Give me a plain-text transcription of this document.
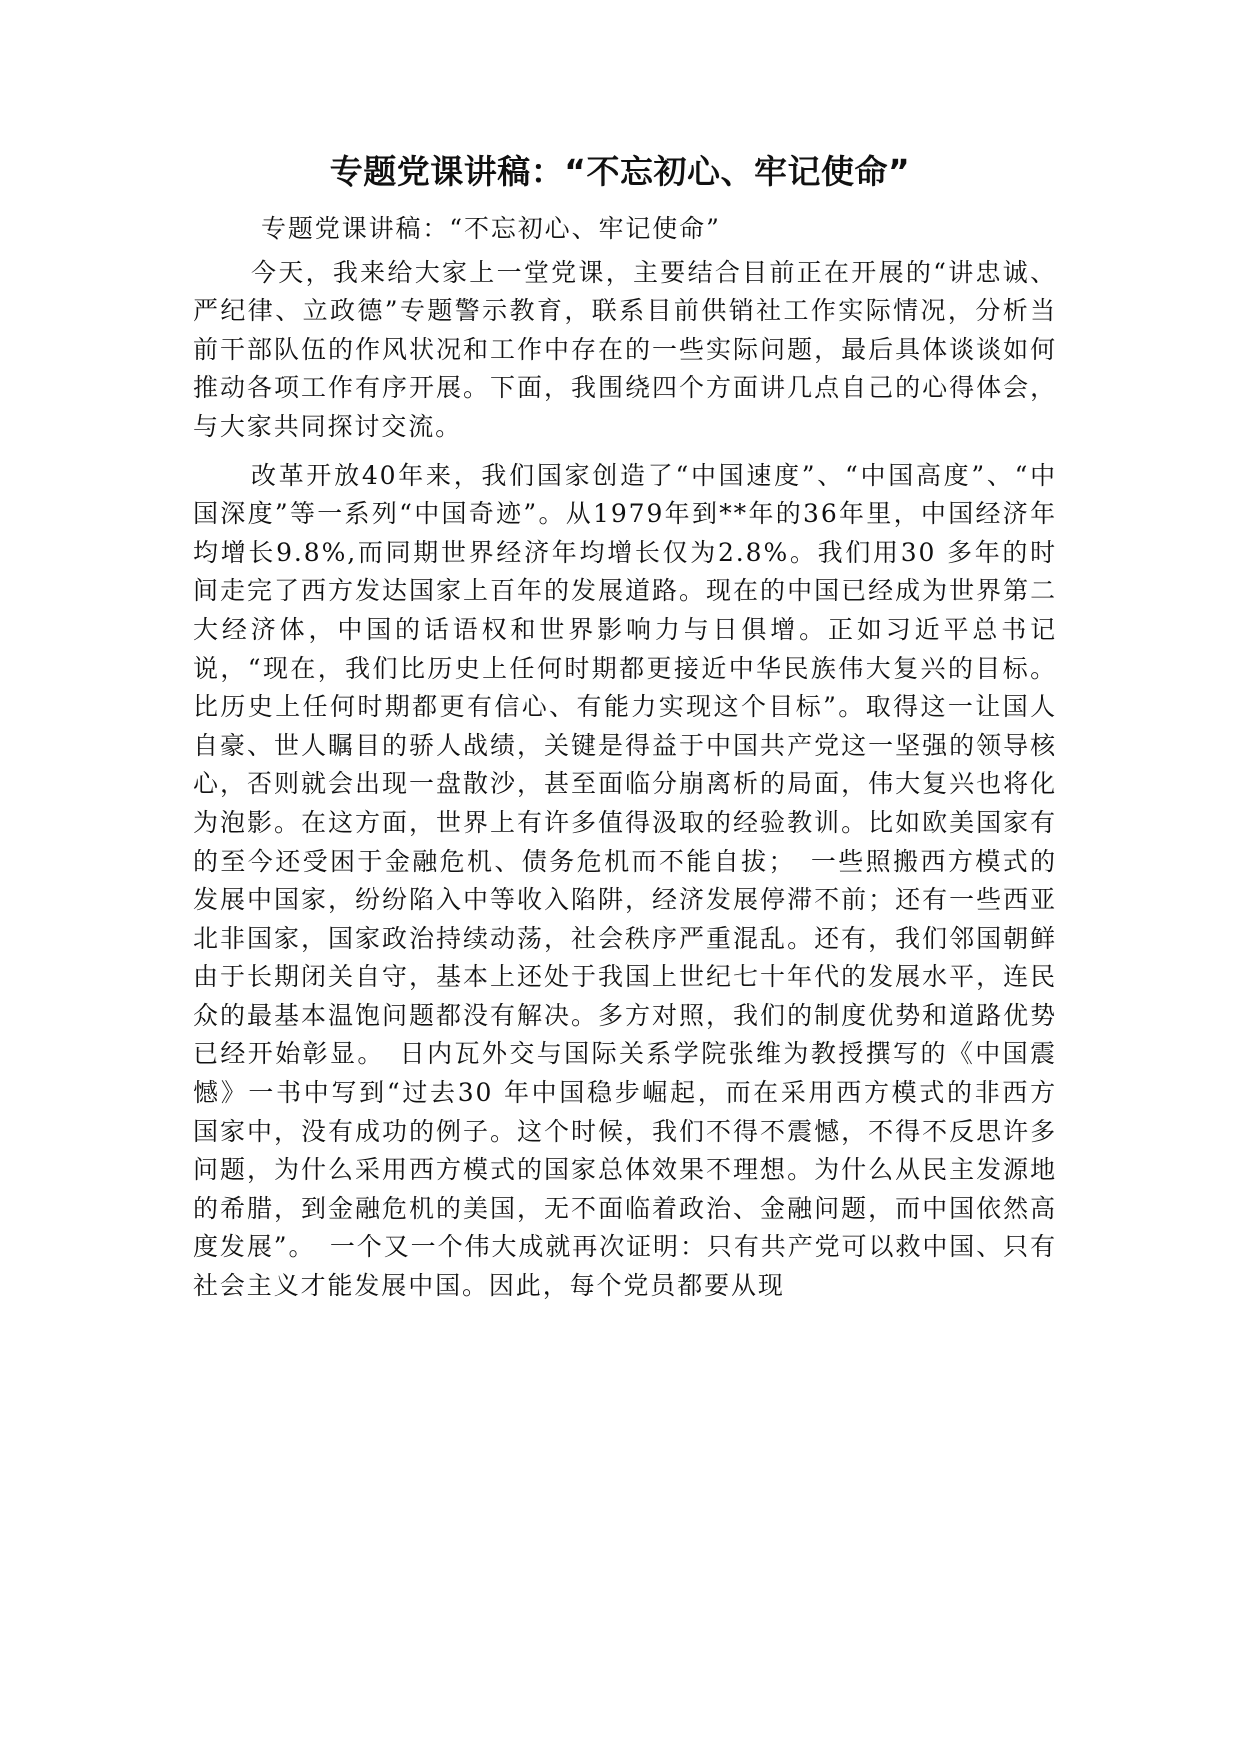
专题党课讲稿：“不忘初心、牢记使命”

专题党课讲稿：“不忘初心、牢记使命”

今天，我来给大家上一堂党课，主要结合目前正在开展的“讲忠诚、严纪律、立政德”专题警示教育，联系目前供销社工作实际情况，分析当前干部队伍的作风状况和工作中存在的一些实际问题，最后具体谈谈如何推动各项工作有序开展。下面，我围绕四个方面讲几点自己的心得体会，与大家共同探讨交流。

改革开放40年来，我们国家创造了“中国速度”、“中国高度”、“中国深度”等一系列“中国奇迹”。从1979年到**年的36年里，中国经济年均增长9.8%,而同期世界经济年均增长仅为2.8%。我们用30 多年的时间走完了西方发达国家上百年的发展道路。现在的中国已经成为世界第二大经济体，中国的话语权和世界影响力与日俱增。正如习近平总书记说，“现在，我们比历史上任何时期都更接近中华民族伟大复兴的目标。比历史上任何时期都更有信心、有能力实现这个目标”。取得这一让国人自豪、世人瞩目的骄人战绩，关键是得益于中国共产党这一坚强的领导核心，否则就会出现一盘散沙，甚至面临分崩离析的局面，伟大复兴也将化为泡影。在这方面，世界上有许多值得汲取的经验教训。比如欧美国家有的至今还受困于金融危机、债务危机而不能自拔；　一些照搬西方模式的发展中国家，纷纷陷入中等收入陷阱，经济发展停滞不前；还有一些西亚北非国家，国家政治持续动荡，社会秩序严重混乱。还有，我们邻国朝鲜由于长期闭关自守，基本上还处于我国上世纪七十年代的发展水平，连民众的最基本温饱问题都没有解决。多方对照，我们的制度优势和道路优势已经开始彰显。　日内瓦外交与国际关系学院张维为教授撰写的《中国震憾》一书中写到“过去30 年中国稳步崛起，而在采用西方模式的非西方国家中，没有成功的例子。这个时候，我们不得不震憾，不得不反思许多问题，为什么采用西方模式的国家总体效果不理想。为什么从民主发源地的希腊，到金融危机的美国，无不面临着政治、金融问题，而中国依然高度发展”。　一个又一个伟大成就再次证明：只有共产党可以救中国、只有社会主义才能发展中国。因此，每个党员都要从现
